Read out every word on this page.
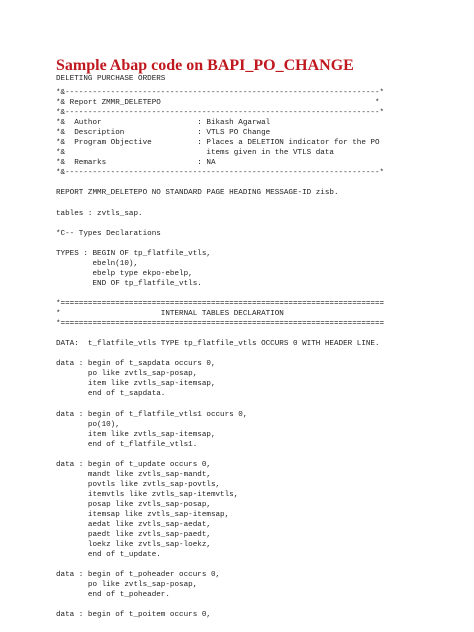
Sample Abap code on BAPI_PO_CHANGE
DELETING PURCHASE ORDERS
*&---------------------------------------------------------------------*
*& Report ZMMR_DELETEPO                                               *
*&---------------------------------------------------------------------*
*&  Author                     : Bikash Agarwal
*&  Description                : VTLS PO Change
*&  Program Objective          : Places a DELETION indicator for the PO
*&                               items given in the VTLS data
*&  Remarks                    : NA
*&---------------------------------------------------------------------*

REPORT ZMMR_DELETEPO NO STANDARD PAGE HEADING MESSAGE-ID zisb.

tables : zvtls_sap.

*C-- Types Declarations

TYPES : BEGIN OF tp_flatfile_vtls,
ebeln(10),
ebelp type ekpo-ebelp,
END OF tp_flatfile_vtls.

*=======================================================================
*                      INTERNAL TABLES DECLARATION
*=======================================================================

DATA:  t_flatfile_vtls TYPE tp_flatfile_vtls OCCURS 0 WITH HEADER LINE.

data : begin of t_sapdata occurs 0,
po like zvtls_sap-posap,
item like zvtls_sap-itemsap,
end of t_sapdata.

data : begin of t_flatfile_vtls1 occurs 0,
po(10),
item like zvtls_sap-itemsap,
end of t_flatfile_vtls1.

data : begin of t_update occurs 0,
mandt like zvtls_sap-mandt,
povtls like zvtls_sap-povtls,
itemvtls like zvtls_sap-itemvtls,
posap like zvtls_sap-posap,
itemsap like zvtls_sap-itemsap,
aedat like zvtls_sap-aedat,
paedt like zvtls_sap-paedt,
loekz like zvtls_sap-loekz,
end of t_update.

data : begin of t_poheader occurs 0,
po like zvtls_sap-posap,
end of t_poheader.

data : begin of t_poitem occurs 0,
